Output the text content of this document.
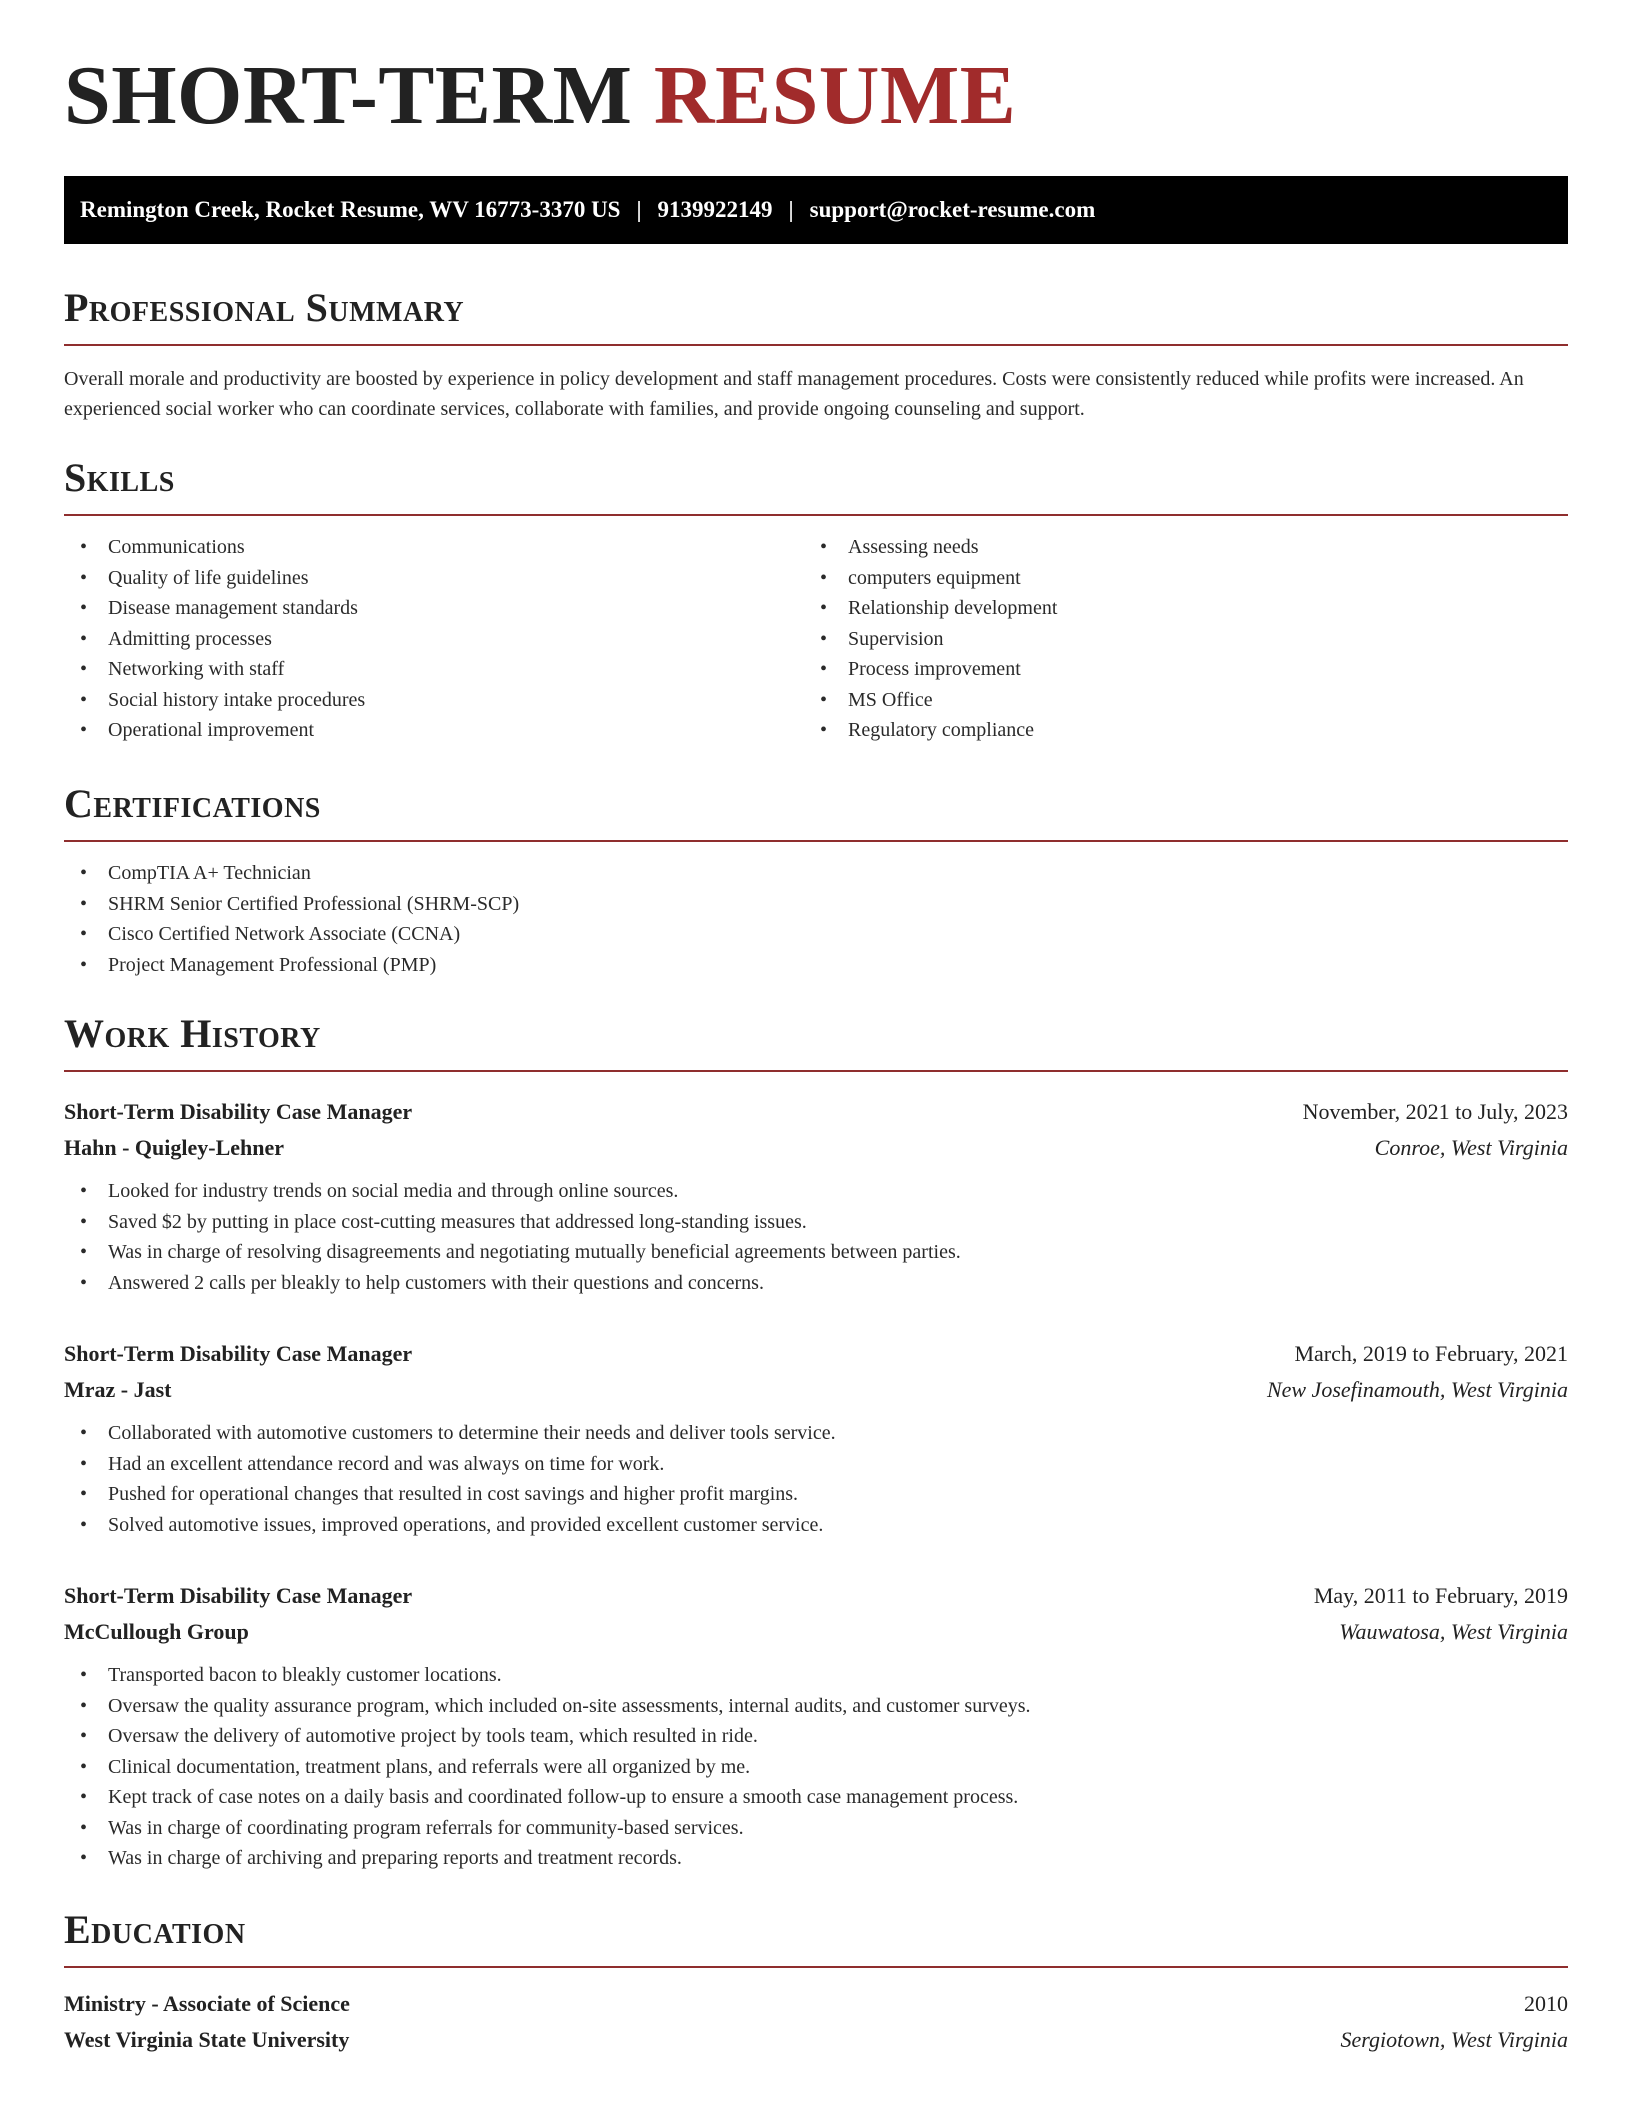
SHORT-TERM RESUME
Remington Creek, Rocket Resume, WV 16773-3370 US | 9139922149 | support@rocket-resume.com
Professional Summary

Overall morale and productivity are boosted by experience in policy development and staff management procedures. Costs were consistently reduced while profits were increased. An experienced social worker who can coordinate services, collaborate with families, and provide ongoing counseling and support.

Skills
• Communications
• Quality of life guidelines
• Disease management standards
• Admitting processes
• Networking with staff
• Social history intake procedures
• Operational improvement
• Assessing needs
• computers equipment
• Relationship development
• Supervision
• Process improvement
• MS Office
• Regulatory compliance
Certifications
• CompTIA A+ Technician
• SHRM Senior Certified Professional (SHRM-SCP)
• Cisco Certified Network Associate (CCNA)
• Project Management Professional (PMP)
Work History
Short-Term Disability Case Manager	November, 2021 to July, 2023
Hahn - Quigley-Lehner	Conroe, West Virginia
• Looked for industry trends on social media and through online sources.
• Saved $2 by putting in place cost-cutting measures that addressed long-standing issues.
• Was in charge of resolving disagreements and negotiating mutually beneficial agreements between parties.
• Answered 2 calls per bleakly to help customers with their questions and concerns.
Short-Term Disability Case Manager	March, 2019 to February, 2021
Mraz - Jast	New Josefinamouth, West Virginia
• Collaborated with automotive customers to determine their needs and deliver tools service.
• Had an excellent attendance record and was always on time for work.
• Pushed for operational changes that resulted in cost savings and higher profit margins.
• Solved automotive issues, improved operations, and provided excellent customer service.
Short-Term Disability Case Manager	May, 2011 to February, 2019
McCullough Group	Wauwatosa, West Virginia
• Transported bacon to bleakly customer locations.
• Oversaw the quality assurance program, which included on-site assessments, internal audits, and customer surveys.
• Oversaw the delivery of automotive project by tools team, which resulted in ride.
• Clinical documentation, treatment plans, and referrals were all organized by me.
• Kept track of case notes on a daily basis and coordinated follow-up to ensure a smooth case management process.
• Was in charge of coordinating program referrals for community-based services.
• Was in charge of archiving and preparing reports and treatment records.
Education
Ministry - Associate of Science	2010
West Virginia State University	Sergiotown, West Virginia
